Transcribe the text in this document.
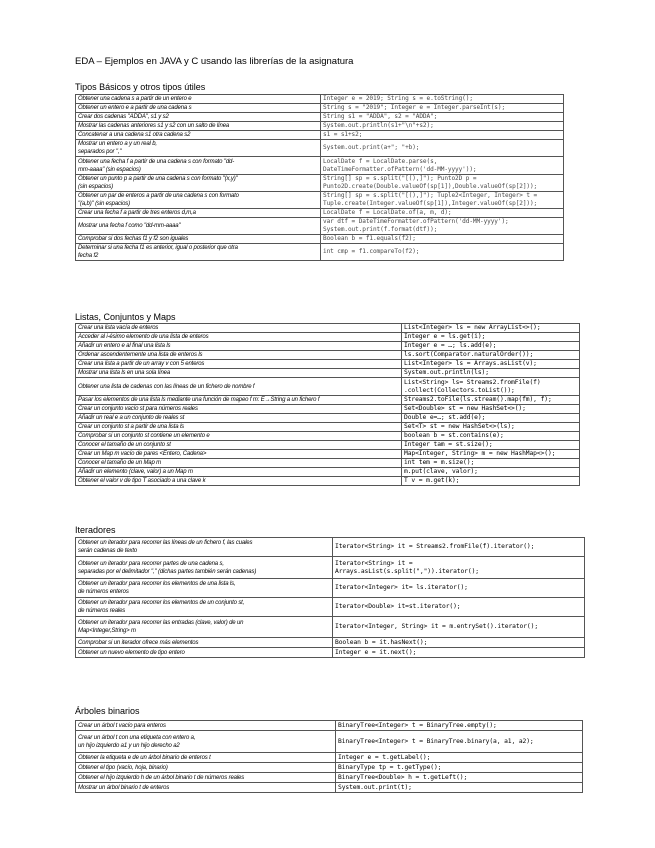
EDA – Ejemplos en JAVA y C usando las librerías de la asignatura
Tipos Básicos y otros tipos útiles
Obtener una cadena s a partir de un entero e	Integer e = 2019; String s = e.toString();
Obtener un entero e a partir de una cadena s	String s = "2019"; Integer e = Integer.parseInt(s);
Crear dos cadenas "ADDA", s1 y s2	String s1 = "ADDA", s2 = "ADDA";
Mostrar las cadenas anteriores s1 y s2 con un salto de línea	System.out.println(s1+"\n"+s2);
Concatenar a una cadena s1 otra cadena s2	s1 = s1+s2;
Mostrar un entero a y un real b,
separados por ","	System.out.print(a+"; "+b);
Obtener una fecha f a partir de una cadena s con formato "dd-
mm-aaaa" (sin espacios)	LocalDate f = LocalDate.parse(s,
DateTimeFormatter.ofPattern('dd-MM-yyyy'));
Obtener un punto p a partir de una cadena s con formato "(x,y)"
(sin espacios)	String[] sp = s.split("[(),]"); Punto2D p =
Punto2D.create(Double.valueOf(sp[1]),Double.valueOf(sp[2]));
Obtener un par de enteros a partir de una cadena s con formato
"(a,b)" (sin espacios)	String[] sp = s.split("[(),]"); Tuple2<Integer, Integer> t =
Tuple.create(Integer.valueOf(sp[1]),Integer.valueOf(sp[2]));
Crear una fecha f a partir de tres enteros d,m,a	LocalDate f = LocalDate.of(a, m, d);
Mostrar una fecha f como "dd-mm-aaaa"	var dtf = DateTimeFormatter.ofPattern('dd-MM-yyyy');
System.out.print(f.format(dtf));
Comprobar si dos fechas f1 y f2 son iguales	Boolean b = f1.equals(f2);
Determinar si una fecha f1 es anterior, igual o posterior que otra
fecha f2	int cmp = f1.compareTo(f2);
Listas, Conjuntos y Maps
Crear una lista vacía de enteros	List<Integer> ls = new ArrayList<>();
Acceder al i-ésimo elemento de una lista de enteros	Integer e = ls.get(i);
Añadir un entero e al final una lista ls	Integer e = …; ls.add(e);
Ordenar ascendentemente una lista de enteros ls	ls.sort(Comparator.naturalOrder());
Crear una lista a partir de un array v con 5 enteros	List<Integer> ls = Arrays.asList(v);
Mostrar una lista ls en una sola línea	System.out.println(ls);
Obtener una lista de cadenas con las líneas de un fichero de nombre f	List<String> ls= Streams2.fromFile(f)
.collect(Collectors.toList());
Pasar los elementos de una lista ls mediante una función de mapeo f m: E→String a un fichero f	Streams2.toFile(ls.stream().map(fm), f);
Crear un conjunto vacío st para números reales	Set<Double> st = new HashSet<>();
Añadir un real e a un conjunto de reales st	Double e=…; st.add(e);
Crear un conjunto st a partir de una lista ls	Set<T> st = new HashSet<>(ls);
Comprobar si un conjunto st contiene un elemento e	boolean b = st.contains(e);
Conocer el tamaño de un conjunto st	Integer tam = st.size();
Crear un Map m vacío de pares <Entero, Cadena>	Map<Integer, String> m = new HashMap<>();
Conocer el tamaño de un Map m	int tem = m.size();
Añadir un elemento (clave, valor) a un Map m	m.put(clave, valor);
Obtener el valor v de tipo T asociado a una clave k	T v = m.get(k);
Iteradores
Obtener un iterador para recorrer las líneas de un fichero f, las cuales
serán cadenas de texto	Iterator<String> it = Streams2.fromFile(f).iterator();
Obtener un iterador para recorrer partes de una cadena s,
separadas por el delimitador "," (dichas partes también serán cadenas)	Iterator<String> it =
Arrays.asList(s.split(",")).iterator();
Obtener un iterador para recorrer los elementos de una lista ls,
de números enteros	Iterator<Integer> it= ls.iterator();
Obtener un iterador para recorrer los elementos de un conjunto st,
de números reales	Iterator<Double> it=st.iterator();
Obtener un iterador para recorrer las entradas (clave, valor) de un
Map<Integer,String> m	Iterator<Integer, String> it = m.entrySet().iterator();
Comprobar si un iterador ofrece más elementos	Boolean b = it.hasNext();
Obtener un nuevo elemento de tipo entero	Integer e = it.next();
Árboles binarios
Crear un árbol t vacío para enteros	BinaryTree<Integer> t = BinaryTree.empty();
Crear un árbol t con una etiqueta con entero a,
un hijo izquierdo a1 y un hijo derecho a2	BinaryTree<Integer> t = BinaryTree.binary(a, a1, a2);
Obtener la etiqueta e de un árbol binario de enteros t	Integer e = t.getLabel();
Obtener el tipo (vacío, hoja, binario)	BinaryType tp = t.getType();
Obtener el hijo izquierdo h de un árbol binario t de números reales	BinaryTree<Double> h = t.getLeft();
Mostrar un árbol binario t de enteros	System.out.print(t);
